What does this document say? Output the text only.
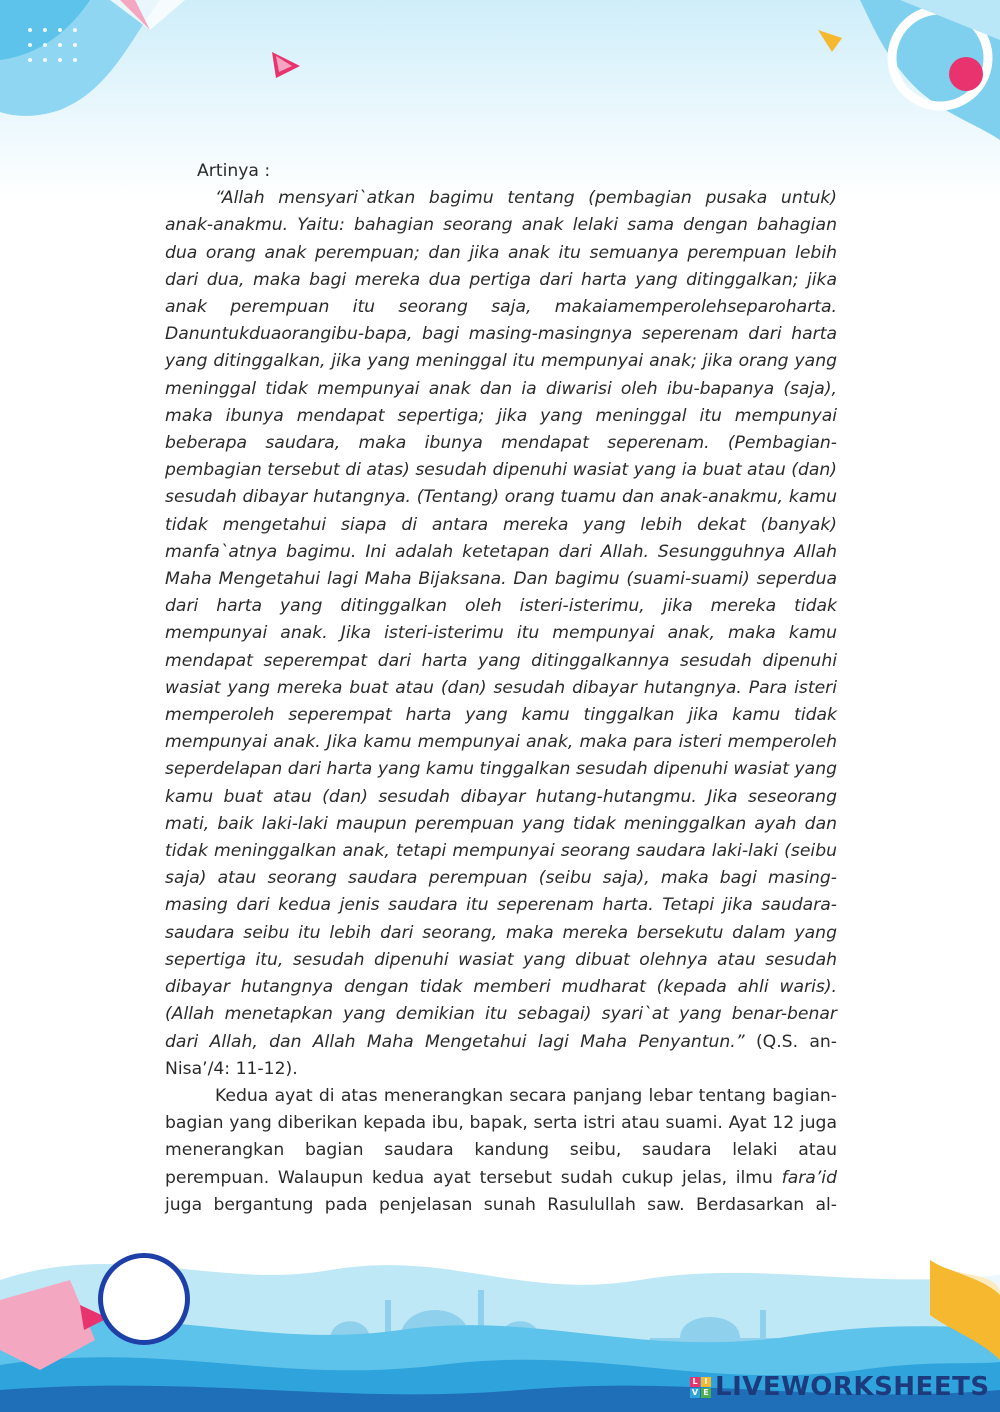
Artinya :

“Allah mensyari`atkan bagimu tentang (pembagian pusaka untuk) anak-anakmu. Yaitu: bahagian seorang anak lelaki sama dengan bahagian dua orang anak perempuan; dan jika anak itu semuanya perempuan lebih dari dua, maka bagi mereka dua pertiga dari harta yang ditinggalkan; jika anak perempuan itu seorang saja, makaiamemperolehseparoharta. Danuntukduaorangibu-bapa, bagi masing-masingnya seperenam dari harta yang ditinggalkan, jika yang meninggal itu mempunyai anak; jika orang yang meninggal tidak mempunyai anak dan ia diwarisi oleh ibu-bapanya (saja), maka ibunya mendapat sepertiga; jika yang meninggal itu mempunyai beberapa saudara, maka ibunya mendapat seperenam. (Pembagian-pembagian tersebut di atas) sesudah dipenuhi wasiat yang ia buat atau (dan) sesudah dibayar hutangnya. (Tentang) orang tuamu dan anak-anakmu, kamu tidak mengetahui siapa di antara mereka yang lebih dekat (banyak) manfa`atnya bagimu. Ini adalah ketetapan dari Allah. Sesungguhnya Allah Maha Mengetahui lagi Maha Bijaksana. Dan bagimu (suami-suami) seperdua dari harta yang ditinggalkan oleh isteri-isterimu, jika mereka tidak mempunyai anak. Jika isteri-isterimu itu mempunyai anak, maka kamu mendapat seperempat dari harta yang ditinggalkannya sesudah dipenuhi wasiat yang mereka buat atau (dan) sesudah dibayar hutangnya. Para isteri memperoleh seperempat harta yang kamu tinggalkan jika kamu tidak mempunyai anak. Jika kamu mempunyai anak, maka para isteri memperoleh seperdelapan dari harta yang kamu tinggalkan sesudah dipenuhi wasiat yang kamu buat atau (dan) sesudah dibayar hutang-hutangmu. Jika seseorang mati, baik laki-laki maupun perempuan yang tidak meninggalkan ayah dan tidak meninggalkan anak, tetapi mempunyai seorang saudara laki-laki (seibu saja) atau seorang saudara perempuan (seibu saja), maka bagi masing-masing dari kedua jenis saudara itu seperenam harta. Tetapi jika saudara-saudara seibu itu lebih dari seorang, maka mereka bersekutu dalam yang sepertiga itu, sesudah dipenuhi wasiat yang dibuat olehnya atau sesudah dibayar hutangnya dengan tidak memberi mudharat (kepada ahli waris). (Allah menetapkan yang demikian itu sebagai) syari`at yang benar-benar dari Allah, dan Allah Maha Mengetahui lagi Maha Penyantun.” (Q.S. an-Nisa’/4: 11-12).

Kedua ayat di atas menerangkan secara panjang lebar tentang bagian-bagian yang diberikan kepada ibu, bapak, serta istri atau suami. Ayat 12 juga menerangkan bagian saudara kandung seibu, saudara lelaki atau perempuan. Walaupun kedua ayat tersebut sudah cukup jelas, ilmu fara’id juga bergantung pada penjelasan sunah Rasulullah saw. Berdasarkan al-

L I
V E LIVEWORKSHEETS
